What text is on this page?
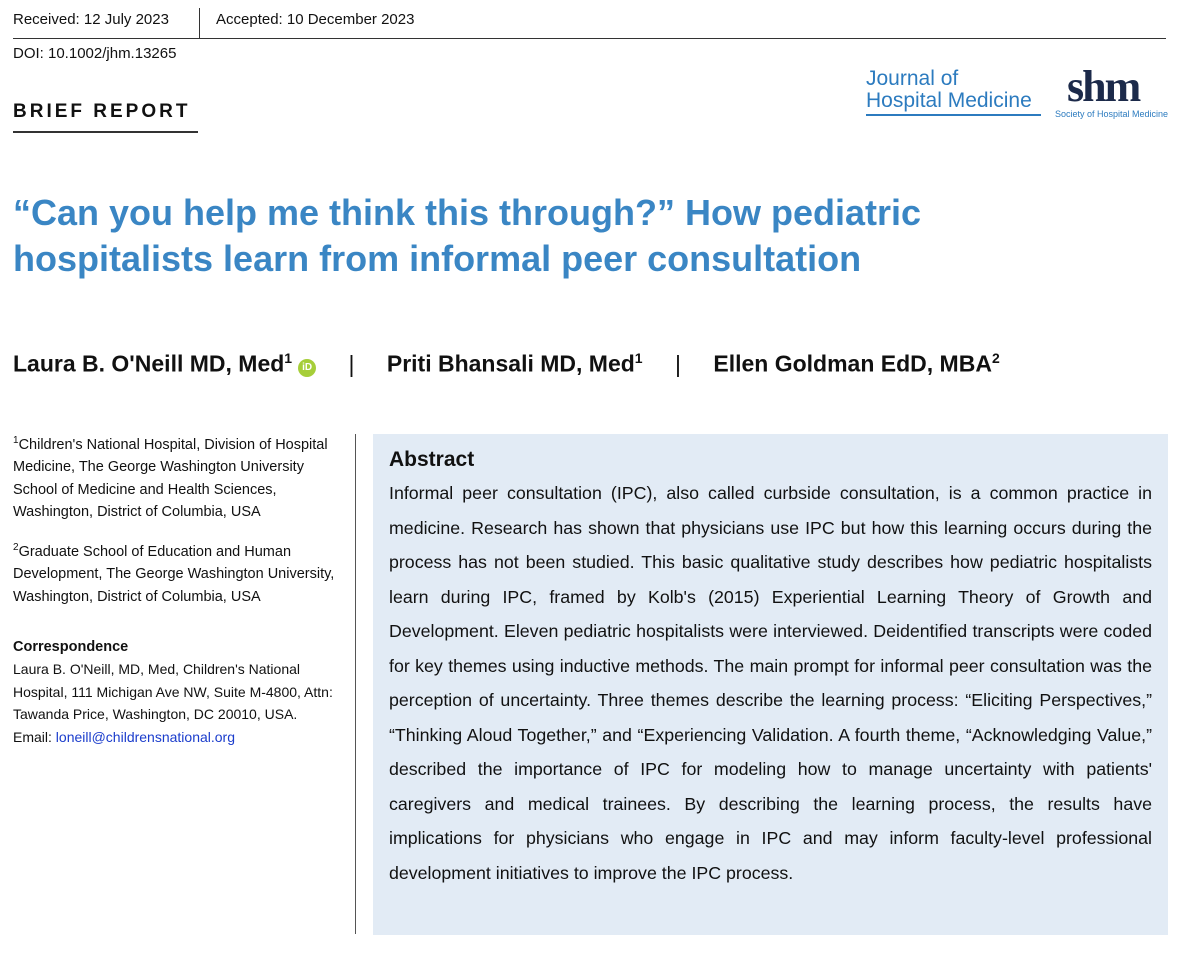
Received: 12 July 2023	Accepted: 10 December 2023
DOI: 10.1002/jhm.13265
BRIEF REPORT
Journal of
Hospital Medicine shm
Society of Hospital Medicine
“Can you help me think this through?” How pediatric hospitalists learn from informal peer consultation
Laura B. O'Neill MD, Med$^1$iD | Priti Bhansali MD, Med$^1$ | Ellen Goldman EdD, MBA$^2$

$^1$Children's National Hospital, Division of Hospital Medicine, The George Washington University School of Medicine and Health Sciences, Washington, District of Columbia, USA

$^2$Graduate School of Education and Human Development, The George Washington University, Washington, District of Columbia, USA

Correspondence
Laura B. O'Neill, MD, Med, Children's National Hospital, 111 Michigan Ave NW, Suite M-4800, Attn: Tawanda Price, Washington, DC 20010, USA.
Email: loneill@childrensnational.org
Abstract

Informal peer consultation (IPC), also called curbside consultation, is a common practice in medicine. Research has shown that physicians use IPC but how this learning occurs during the process has not been studied. This basic qualitative study describes how pediatric hospitalists learn during IPC, framed by Kolb's (2015) Experiential Learning Theory of Growth and Development. Eleven pediatric hospitalists were interviewed. Deidentified transcripts were coded for key themes using inductive methods. The main prompt for informal peer consultation was the perception of uncertainty. Three themes describe the learning process: “Eliciting Perspectives,” “Thinking Aloud Together,” and “Experiencing Validation. A fourth theme, “Acknowledging Value,” described the importance of IPC for modeling how to manage uncertainty with patients' caregivers and medical trainees. By describing the learning process, the results have implications for physicians who engage in IPC and may inform faculty-level professional development initiatives to improve the IPC process.
